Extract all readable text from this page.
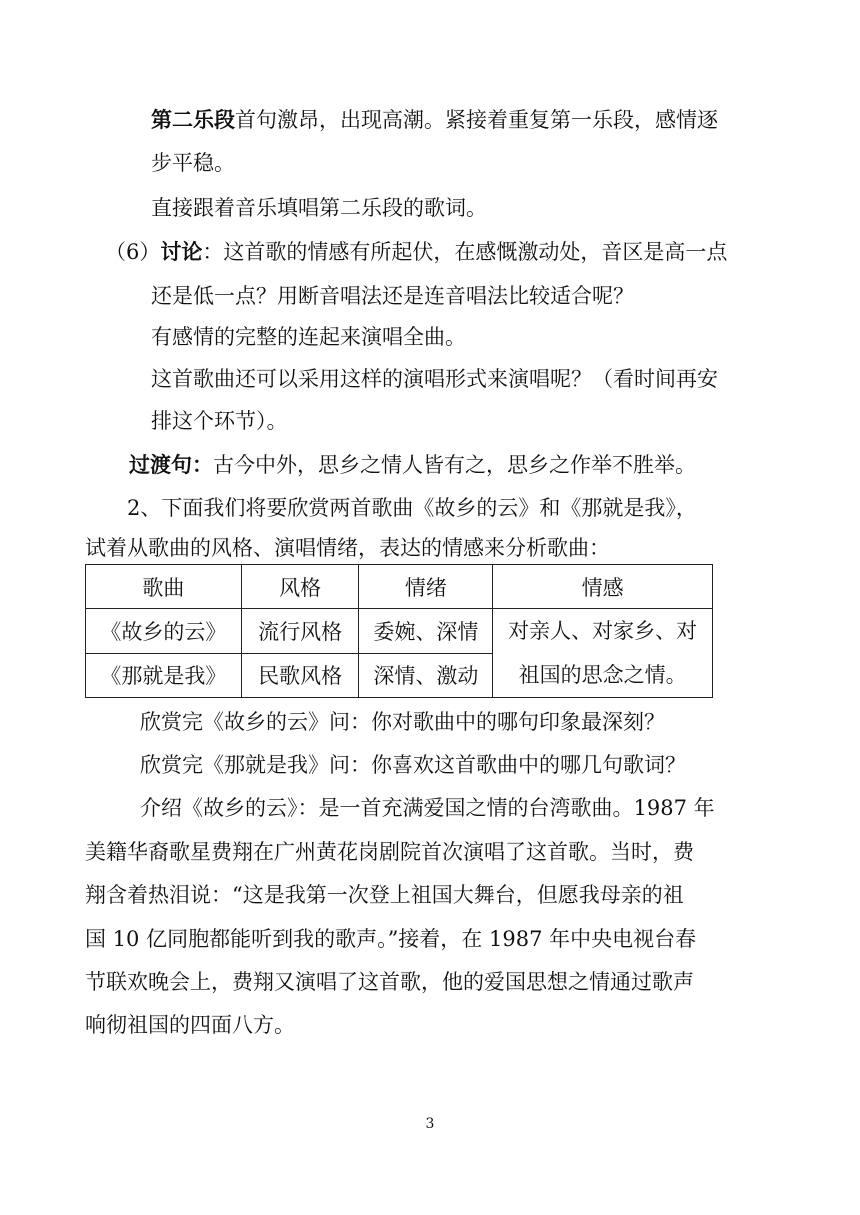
第二乐段首句激昂，出现高潮。紧接着重复第一乐段，感情逐
步平稳。
直接跟着音乐填唱第二乐段的歌词。
（6）讨论：这首歌的情感有所起伏，在感慨激动处，音区是高一点
还是低一点？用断音唱法还是连音唱法比较适合呢？
有感情的完整的连起来演唱全曲。
这首歌曲还可以采用这样的演唱形式来演唱呢？（看时间再安
排这个环节）。
过渡句：古今中外，思乡之情人皆有之，思乡之作举不胜举。
2、下面我们将要欣赏两首歌曲《故乡的云》和《那就是我》，
试着从歌曲的风格、演唱情绪，表达的情感来分析歌曲：
歌曲	风格	情绪	情感
《故乡的云》	流行风格	委婉、深情	对亲人、对家乡、对
祖国的思念之情。

《那就是我》	民歌风格	深情、激动	
欣赏完《故乡的云》问：你对歌曲中的哪句印象最深刻？
欣赏完《那就是我》问：你喜欢这首歌曲中的哪几句歌词？
介绍《故乡的云》：是一首充满爱国之情的台湾歌曲。1987 年
美籍华裔歌星费翔在广州黄花岗剧院首次演唱了这首歌。当时，费
翔含着热泪说：“这是我第一次登上祖国大舞台，但愿我母亲的祖
国 10 亿同胞都能听到我的歌声。”接着，在 1987 年中央电视台春
节联欢晚会上，费翔又演唱了这首歌，他的爱国思想之情通过歌声
响彻祖国的四面八方。
3
